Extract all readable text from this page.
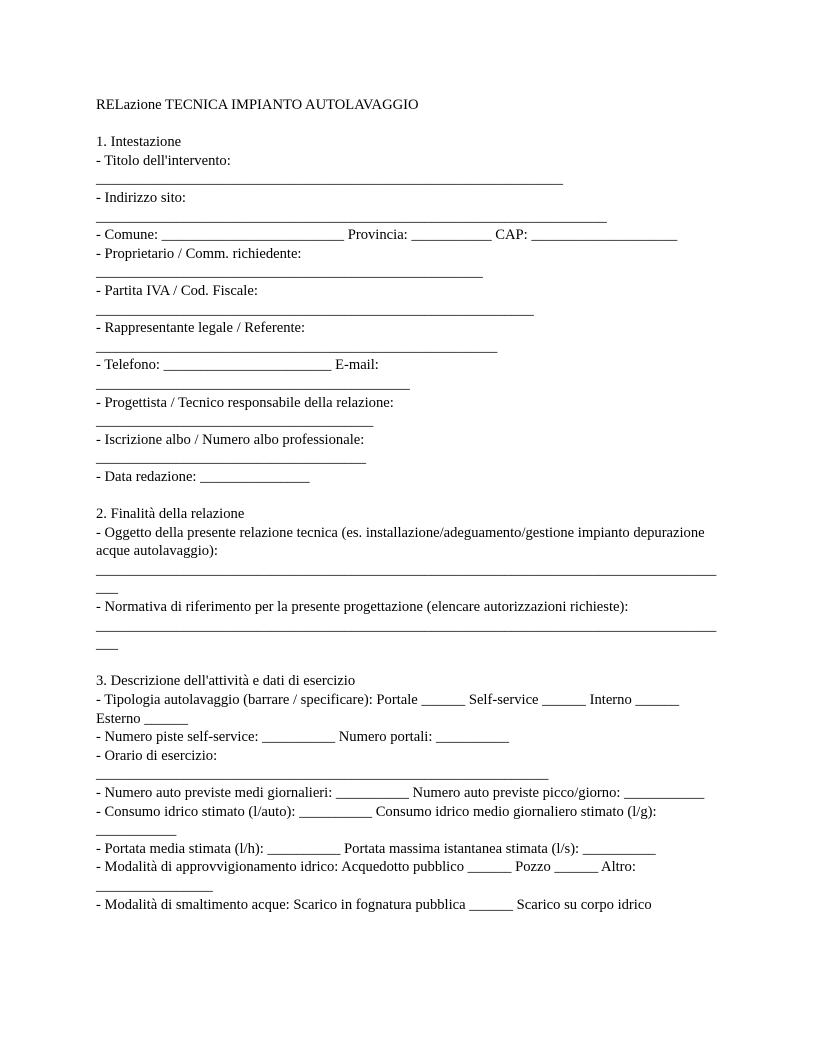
RELazione TECNICA IMPIANTO AUTOLAVAGGIO

1. Intestazione
- Titolo dell'intervento:
________________________________________________________________
- Indirizzo sito:
______________________________________________________________________
- Comune: _________________________ Provincia: ___________ CAP: ____________________
- Proprietario / Comm. richiedente:
_____________________________________________________
- Partita IVA / Cod. Fiscale:
____________________________________________________________
- Rappresentante legale / Referente:
_______________________________________________________
- Telefono: _______________________ E-mail:
___________________________________________
- Progettista / Tecnico responsabile della relazione:
______________________________________
- Iscrizione albo / Numero albo professionale:
_____________________________________
- Data redazione: _______________

2. Finalità della relazione
- Oggetto della presente relazione tecnica (es. installazione/adeguamento/gestione impianto depurazione acque autolavaggio):
________________________________________________________________________________________
- Normativa di riferimento per la presente progettazione (elencare autorizzazioni richieste):
________________________________________________________________________________________

3. Descrizione dell'attività e dati di esercizio
- Tipologia autolavaggio (barrare / specificare): Portale ______ Self-service ______ Interno ______ Esterno ______
- Numero piste self-service: __________ Numero portali: __________
- Orario di esercizio:
______________________________________________________________
- Numero auto previste medi giornalieri: __________ Numero auto previste picco/giorno: ___________
- Consumo idrico stimato (l/auto): __________ Consumo idrico medio giornaliero stimato (l/g): ___________
- Portata media stimata (l/h): __________ Portata massima istantanea stimata (l/s): __________
- Modalità di approvvigionamento idrico: Acquedotto pubblico ______ Pozzo ______ Altro: ________________
- Modalità di smaltimento acque: Scarico in fognatura pubblica ______ Scarico su corpo idrico
